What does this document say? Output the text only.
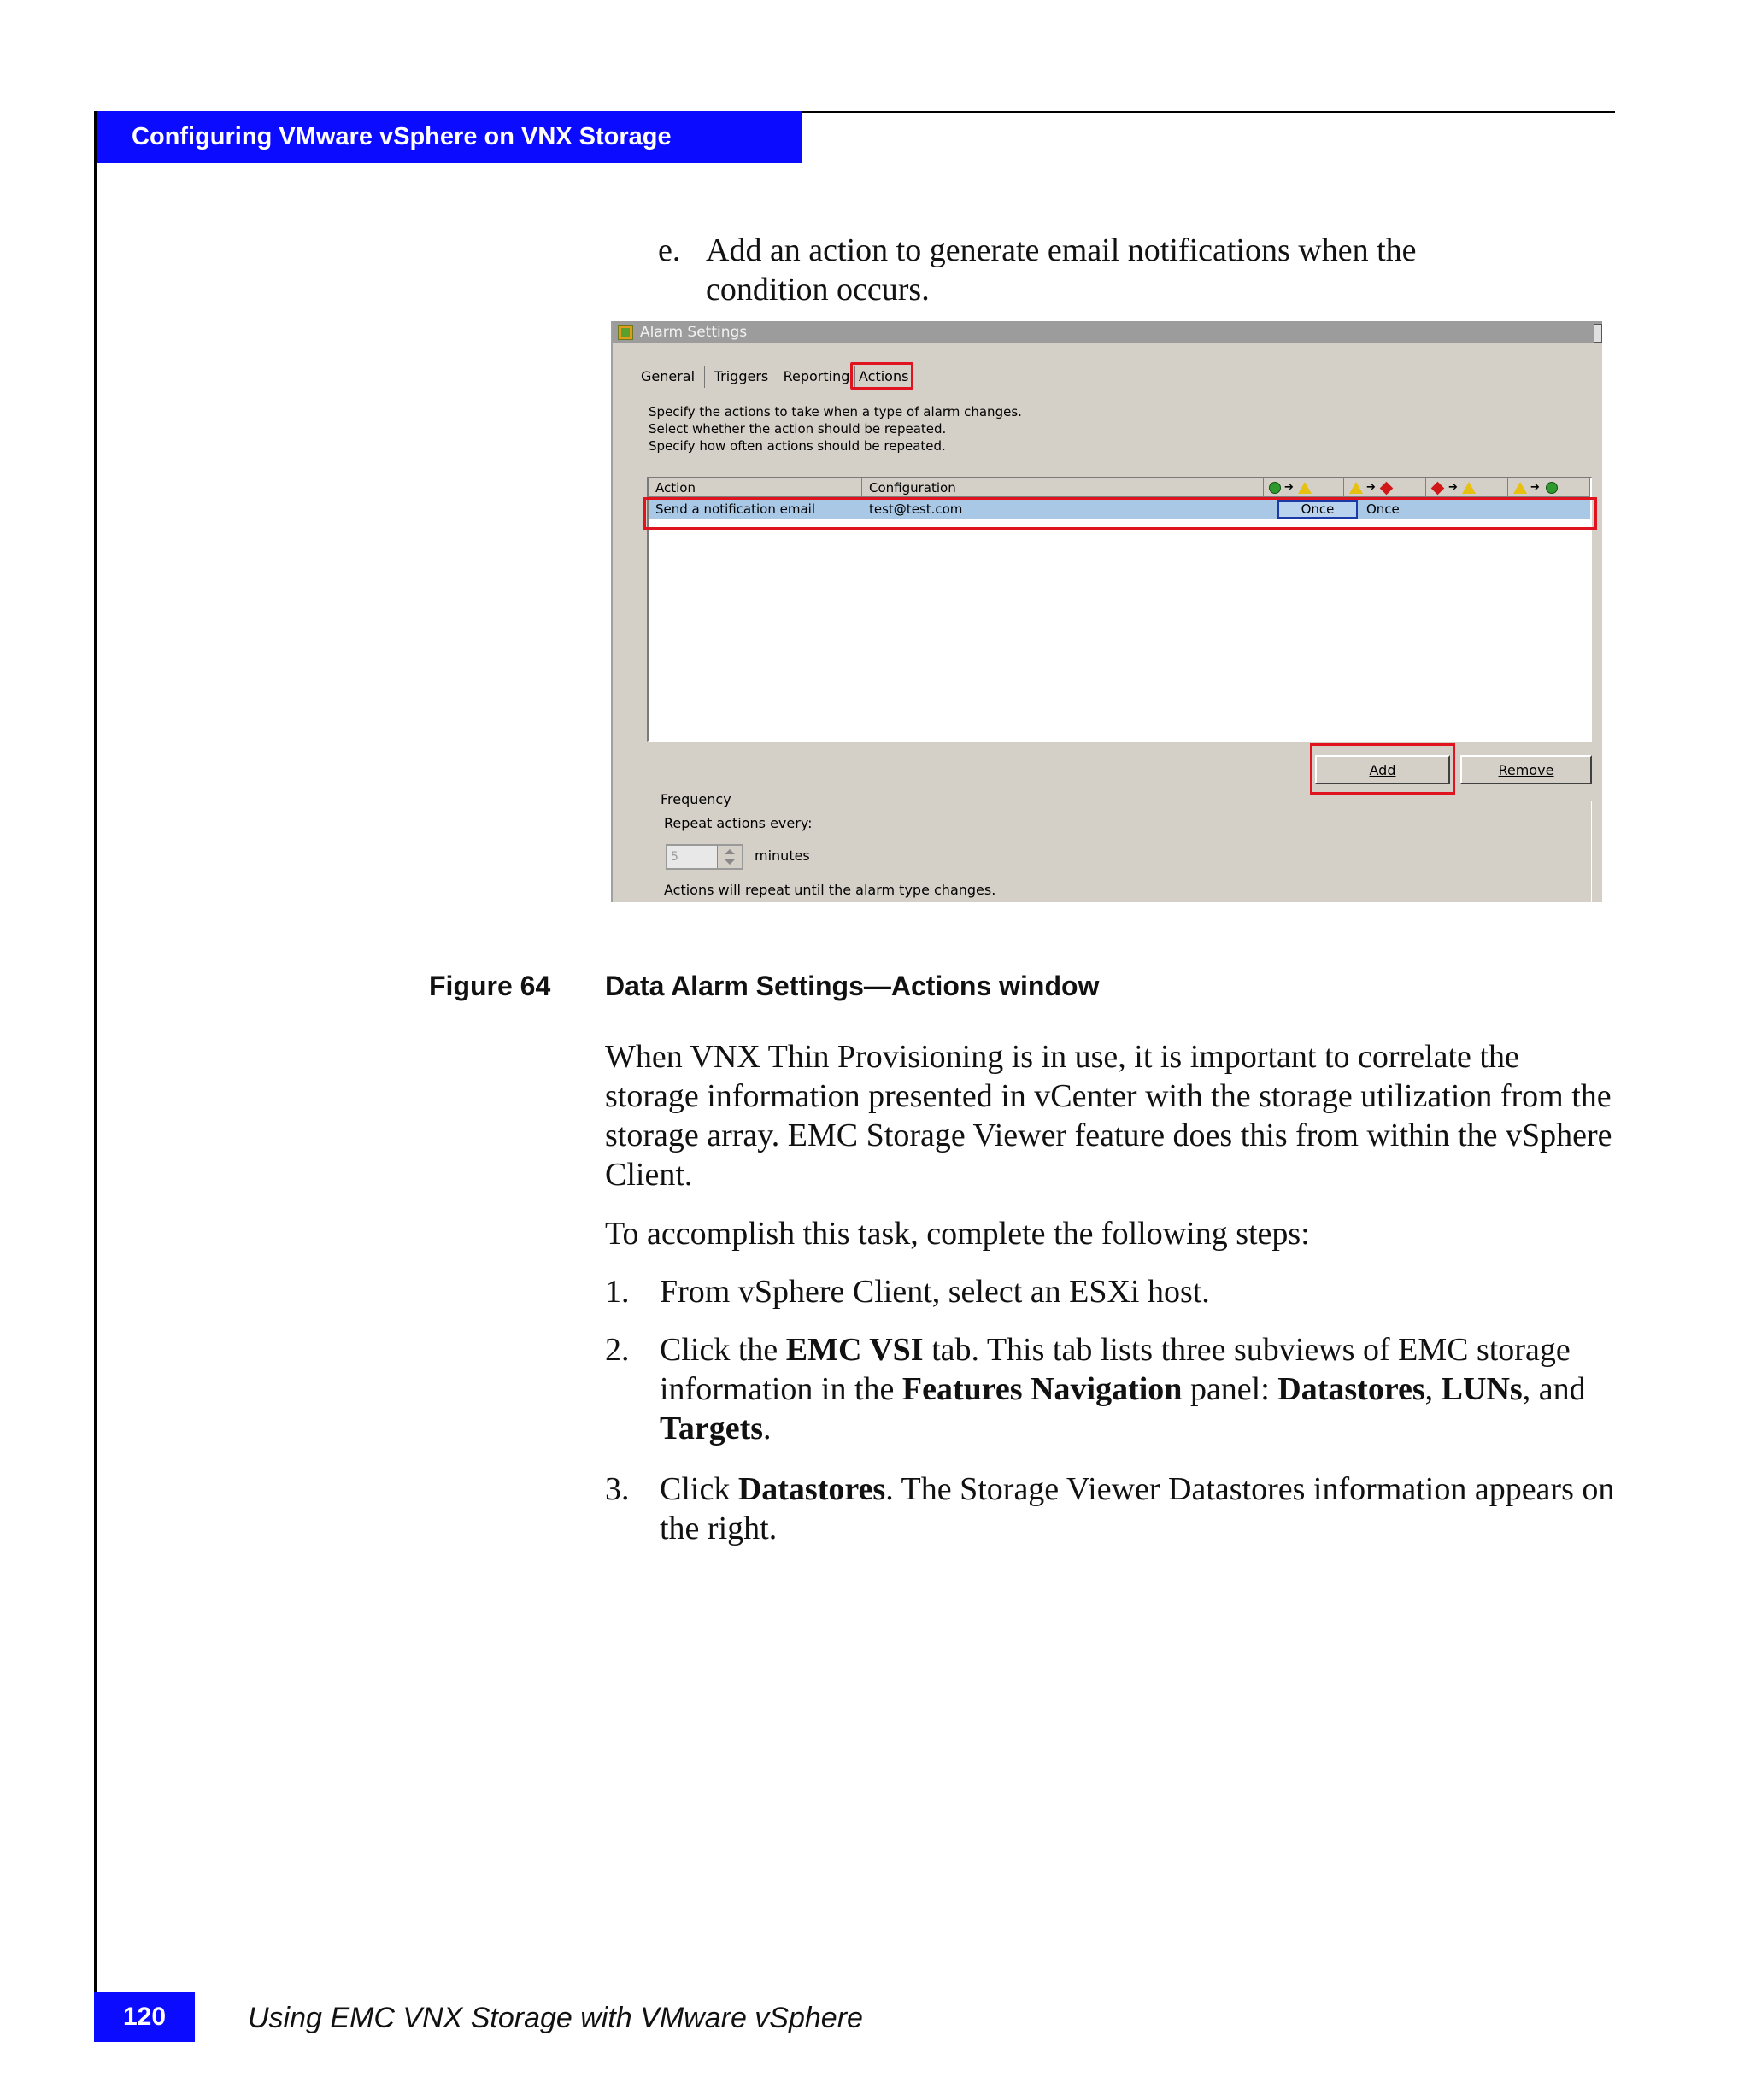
Configuring VMware vSphere on VNX Storage
e. Add an action to generate email notifications when the condition occurs.
Alarm Settings
General	Triggers	Reporting Actions
Specify the actions to take when a type of alarm changes.
Select whether the action should be repeated.
Specify how often actions should be repeated.
Action	Configuration	➔	➔	➔	➔
Send a notification email	test@test.com	Once	Once
Add	Remove
Frequency
Repeat actions every:
5	minutes
Actions will repeat until the alarm type changes.
Figure 64 Data Alarm Settings—Actions window
When VNX Thin Provisioning is in use, it is important to correlate the storage information presented in vCenter with the storage utilization from the storage array. EMC Storage Viewer feature does this from within the vSphere Client.
To accomplish this task, complete the following steps:
1. From vSphere Client, select an ESXi host.
2. Click the EMC VSI tab. This tab lists three subviews of EMC storage information in the Features Navigation panel: Datastores, LUNs, and Targets.
3. Click Datastores. The Storage Viewer Datastores information appears on the right.
120	Using EMC VNX Storage with VMware vSphere
